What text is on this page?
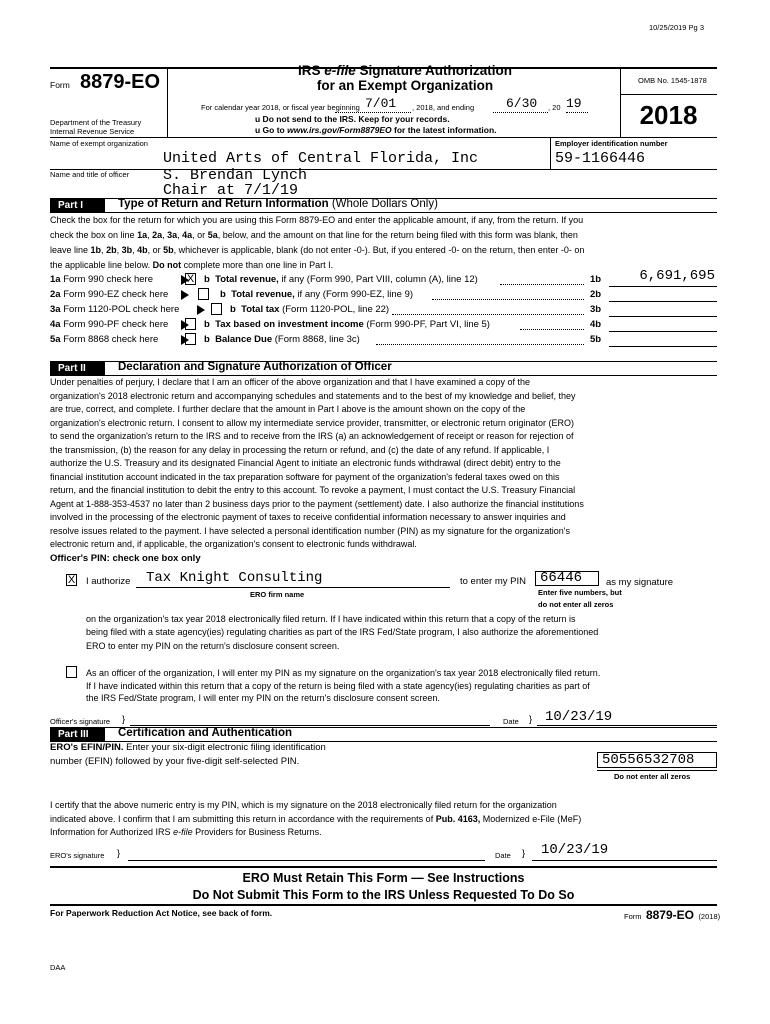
10/25/2019 Pg 3
Form 8879-EO
Department of the Treasury
Internal Revenue Service
IRS e-file Signature Authorization
for an Exempt Organization
For calendar year 2018, or fiscal year beginning 7/01 , 2018, and ending 6/30 , 20 19
u Do not send to the IRS. Keep for your records.
u Go to www.irs.gov/Form8879EO for the latest information.
OMB No. 1545-1878
2018
Name of exempt organization	Employer identification number
United Arts of Central Florida, Inc	59-1166446
Name and title of officer S. Brendan Lynch
Chair at 7/1/19
Part I	Type of Return and Return Information (Whole Dollars Only)
Check the box for the return for which you are using this Form 8879-EO and enter the applicable amount, if any, from the return. If you
check the box on line 1a, 2a, 3a, 4a, or 5a, below, and the amount on that line for the return being filed with this form was blank, then
leave line 1b, 2b, 3b, 4b, or 5b, whichever is applicable, blank (do not enter -0-). But, if you entered -0- on the return, then enter -0- on
the applicable line below. Do not complete more than one line in Part I.
1a Form 990 check here	X b Total revenue, if any (Form 990, Part VIII, column (A), line 12)	1b	6,691,695
2a Form 990-EZ check here	b Total revenue, if any (Form 990-EZ, line 9)	2b
3a Form 1120-POL check here	b Total tax (Form 1120-POL, line 22)	3b
4a Form 990-PF check here	b Tax based on investment income (Form 990-PF, Part VI, line 5)	4b
5a Form 8868 check here	b Balance Due (Form 8868, line 3c)	5b
Part II	Declaration and Signature Authorization of Officer
Under penalties of perjury, I declare that I am an officer of the above organization and that I have examined a copy of the
organization's 2018 electronic return and accompanying schedules and statements and to the best of my knowledge and belief, they
are true, correct, and complete. I further declare that the amount in Part I above is the amount shown on the copy of the
organization's electronic return. I consent to allow my intermediate service provider, transmitter, or electronic return originator (ERO)
to send the organization's return to the IRS and to receive from the IRS (a) an acknowledgement of receipt or reason for rejection of
the transmission, (b) the reason for any delay in processing the return or refund, and (c) the date of any refund. If applicable, I
authorize the U.S. Treasury and its designated Financial Agent to initiate an electronic funds withdrawal (direct debit) entry to the
financial institution account indicated in the tax preparation software for payment of the organization's federal taxes owed on this
return, and the financial institution to debit the entry to this account. To revoke a payment, I must contact the U.S. Treasury Financial
Agent at 1-888-353-4537 no later than 2 business days prior to the payment (settlement) date. I also authorize the financial institutions
involved in the processing of the electronic payment of taxes to receive confidential information necessary to answer inquiries and
resolve issues related to the payment. I have selected a personal identification number (PIN) as my signature for the organization's
electronic return and, if applicable, the organization's consent to electronic funds withdrawal.
Officer's PIN: check one box only
X I authorize Tax Knight Consulting
ERO firm name
to enter my PIN 66446	as my signature
Enter five numbers, but
do not enter all zeros
on the organization's tax year 2018 electronically filed return. If I have indicated within this return that a copy of the return is
being filed with a state agency(ies) regulating charities as part of the IRS Fed/State program, I also authorize the aforementioned
ERO to enter my PIN on the return's disclosure consent screen.
As an officer of the organization, I will enter my PIN as my signature on the organization's tax year 2018 electronically filed return.
If I have indicated within this return that a copy of the return is being filed with a state agency(ies) regulating charities as part of
the IRS Fed/State program, I will enter my PIN on the return's disclosure consent screen.
Officer's signature }	Date } 10/23/19
Part III	Certification and Authentication
ERO's EFIN/PIN. Enter your six-digit electronic filing identification
number (EFIN) followed by your five-digit self-selected PIN.	50556532708
Do not enter all zeros
I certify that the above numeric entry is my PIN, which is my signature on the 2018 electronically filed return for the organization
indicated above. I confirm that I am submitting this return in accordance with the requirements of Pub. 4163, Modernized e-File (MeF)
Information for Authorized IRS e-file Providers for Business Returns.
ERO's signature }	Date } 10/23/19
ERO Must Retain This Form — See Instructions
Do Not Submit This Form to the IRS Unless Requested To Do So
For Paperwork Reduction Act Notice, see back of form.	Form 8879-EO (2018)
DAA
